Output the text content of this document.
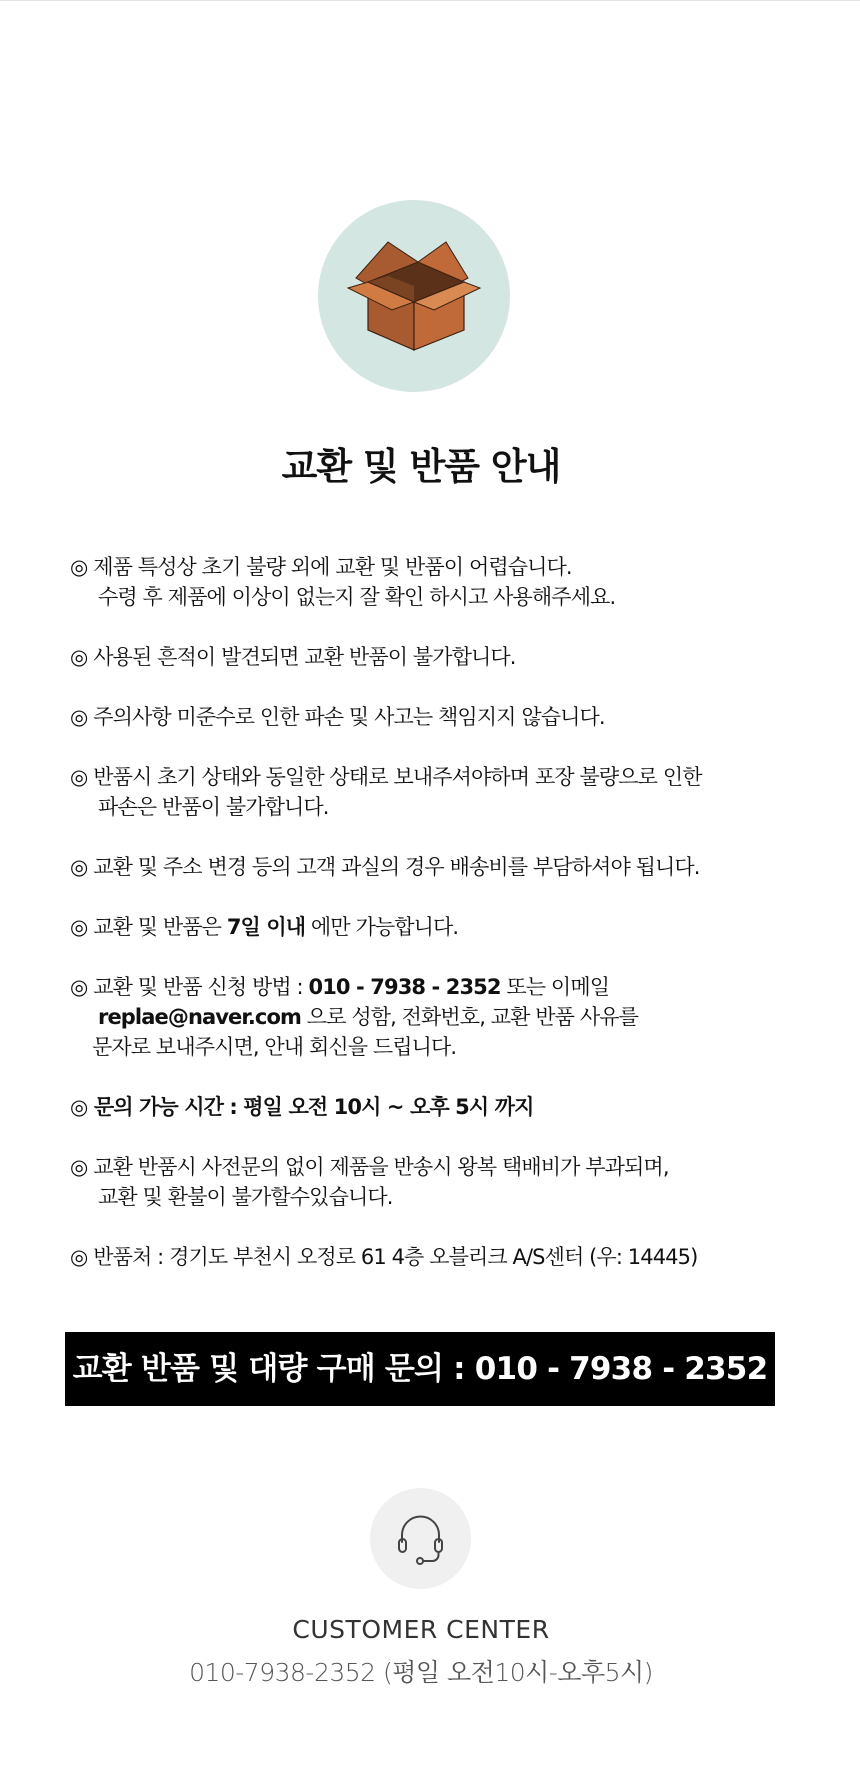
교환 및 반품 안내
◎ 제품 특성상 초기 불량 외에 교환 및 반품이 어렵습니다.
수령 후 제품에 이상이 없는지 잘 확인 하시고 사용해주세요.
◎ 사용된 흔적이 발견되면 교환 반품이 불가합니다.
◎ 주의사항 미준수로 인한 파손 및 사고는 책임지지 않습니다.
◎ 반품시 초기 상태와 동일한 상태로 보내주셔야하며 포장 불량으로 인한
파손은 반품이 불가합니다.
◎ 교환 및 주소 변경 등의 고객 과실의 경우 배송비를 부담하셔야 됩니다.
◎ 교환 및 반품은 7일 이내 에만 가능합니다.
◎ 교환 및 반품 신청 방법 : 010 - 7938 - 2352 또는 이메일
replae@naver.com 으로 성함, 전화번호, 교환 반품 사유를
문자로 보내주시면, 안내 회신을 드립니다.
◎ 문의 가능 시간 : 평일 오전 10시 ~ 오후 5시 까지
◎ 교환 반품시 사전문의 없이 제품을 반송시 왕복 택배비가 부과되며,
교환 및 환불이 불가할수있습니다.
◎ 반품처 : 경기도 부천시 오정로 61 4층 오블리크 A/S센터 (우: 14445)
교환 반품 및 대량 구매 문의 : 010 - 7938 - 2352
CUSTOMER CENTER
010-7938-2352 (평일 오전10시-오후5시)
